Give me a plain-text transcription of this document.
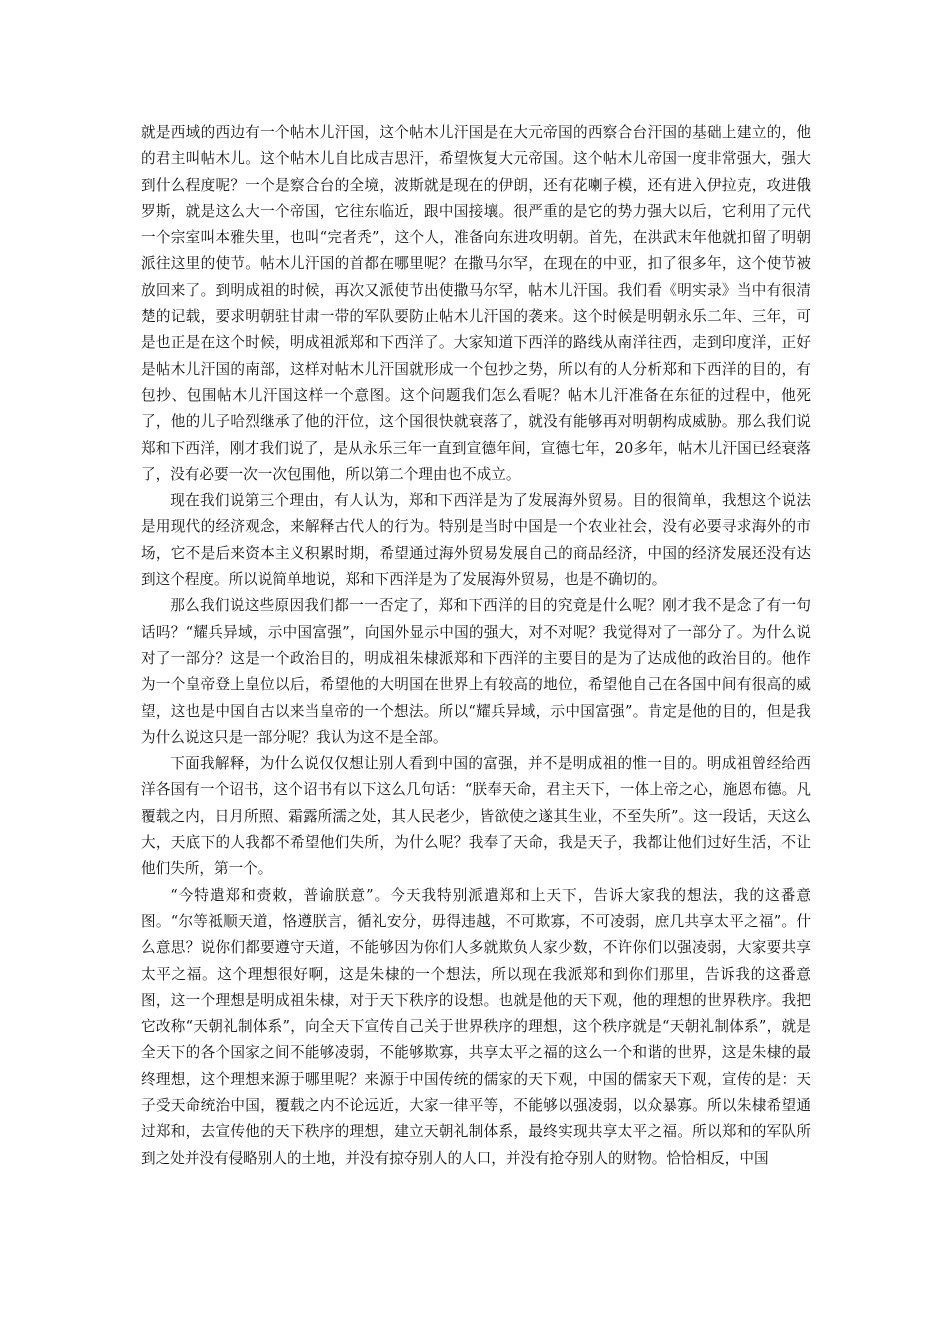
就是西域的西边有一个帖木儿汗国，这个帖木儿汗国是在大元帝国的西察合台汗国的基础上建立的，他的君主叫帖木儿。这个帖木儿自比成吉思汗，希望恢复大元帝国。这个帖木儿帝国一度非常强大，强大到什么程度呢？一个是察合台的全境，波斯就是现在的伊朗，还有花喇子模，还有进入伊拉克，攻进俄罗斯，就是这么大一个帝国，它往东临近，跟中国接壤。很严重的是它的势力强大以后，它利用了元代一个宗室叫本雅失里，也叫“完者秃”，这个人，准备向东进攻明朝。首先，在洪武末年他就扣留了明朝派往这里的使节。帖木儿汗国的首都在哪里呢？在撒马尔罕，在现在的中亚，扣了很多年，这个使节被放回来了。到明成祖的时候，再次又派使节出使撒马尔罕，帖木儿汗国。我们看《明实录》当中有很清楚的记载，要求明朝驻甘肃一带的军队要防止帖木儿汗国的袭来。这个时候是明朝永乐二年、三年，可是也正是在这个时候，明成祖派郑和下西洋了。大家知道下西洋的路线从南洋往西，走到印度洋，正好是帖木儿汗国的南部，这样对帖木儿汗国就形成一个包抄之势，所以有的人分析郑和下西洋的目的，有包抄、包围帖木儿汗国这样一个意图。这个问题我们怎么看呢？帖木儿汗准备在东征的过程中，他死了，他的儿子哈烈继承了他的汗位，这个国很快就衰落了，就没有能够再对明朝构成威胁。那么我们说郑和下西洋，刚才我们说了，是从永乐三年一直到宣德年间，宣德七年，20多年，帖木儿汗国已经衰落了，没有必要一次一次包围他，所以第二个理由也不成立。

现在我们说第三个理由，有人认为，郑和下西洋是为了发展海外贸易。目的很简单，我想这个说法是用现代的经济观念，来解释古代人的行为。特别是当时中国是一个农业社会，没有必要寻求海外的市场，它不是后来资本主义积累时期，希望通过海外贸易发展自己的商品经济，中国的经济发展还没有达到这个程度。所以说简单地说，郑和下西洋是为了发展海外贸易，也是不确切的。

那么我们说这些原因我们都一一否定了，郑和下西洋的目的究竟是什么呢？刚才我不是念了有一句话吗？“耀兵异域，示中国富强”，向国外显示中国的强大，对不对呢？我觉得对了一部分了。为什么说对了一部分？这是一个政治目的，明成祖朱棣派郑和下西洋的主要目的是为了达成他的政治目的。他作为一个皇帝登上皇位以后，希望他的大明国在世界上有较高的地位，希望他自己在各国中间有很高的威望，这也是中国自古以来当皇帝的一个想法。所以“耀兵异域，示中国富强”。肯定是他的目的，但是我为什么说这只是一部分呢？我认为这不是全部。

下面我解释，为什么说仅仅想让别人看到中国的富强，并不是明成祖的惟一目的。明成祖曾经给西洋各国有一个诏书，这个诏书有以下这么几句话：“朕奉天命，君主天下，一体上帝之心，施恩布德。凡覆载之内，日月所照、霜露所濡之处，其人民老少，皆欲使之遂其生业，不至失所”。这一段话，天这么大，天底下的人我都不希望他们失所，为什么呢？我奉了天命，我是天子，我都让他们过好生活，不让他们失所，第一个。

“今特遣郑和赍敕，普谕朕意”。今天我特别派遣郑和上天下，告诉大家我的想法，我的这番意图。“尔等祗顺天道，恪遵朕言，循礼安分，毋得违越，不可欺寡，不可凌弱，庶几共享太平之福”。什么意思？说你们都要遵守天道，不能够因为你们人多就欺负人家少数，不许你们以强凌弱，大家要共享太平之福。这个理想很好啊，这是朱棣的一个想法，所以现在我派郑和到你们那里，告诉我的这番意图，这一个理想是明成祖朱棣，对于天下秩序的设想。也就是他的天下观，他的理想的世界秩序。我把它改称“天朝礼制体系”，向全天下宣传自己关于世界秩序的理想，这个秩序就是“天朝礼制体系”，就是全天下的各个国家之间不能够凌弱，不能够欺寡，共享太平之福的这么一个和谐的世界，这是朱棣的最终理想，这个理想来源于哪里呢？来源于中国传统的儒家的天下观，中国的儒家天下观，宣传的是：天子受天命统治中国，覆载之内不论远近，大家一律平等，不能够以强凌弱，以众暴寡。所以朱棣希望通过郑和，去宣传他的天下秩序的理想，建立天朝礼制体系，最终实现共享太平之福。所以郑和的军队所到之处并没有侵略别人的土地，并没有掠夺别人的人口，并没有抢夺别人的财物。恰恰相反，中国
